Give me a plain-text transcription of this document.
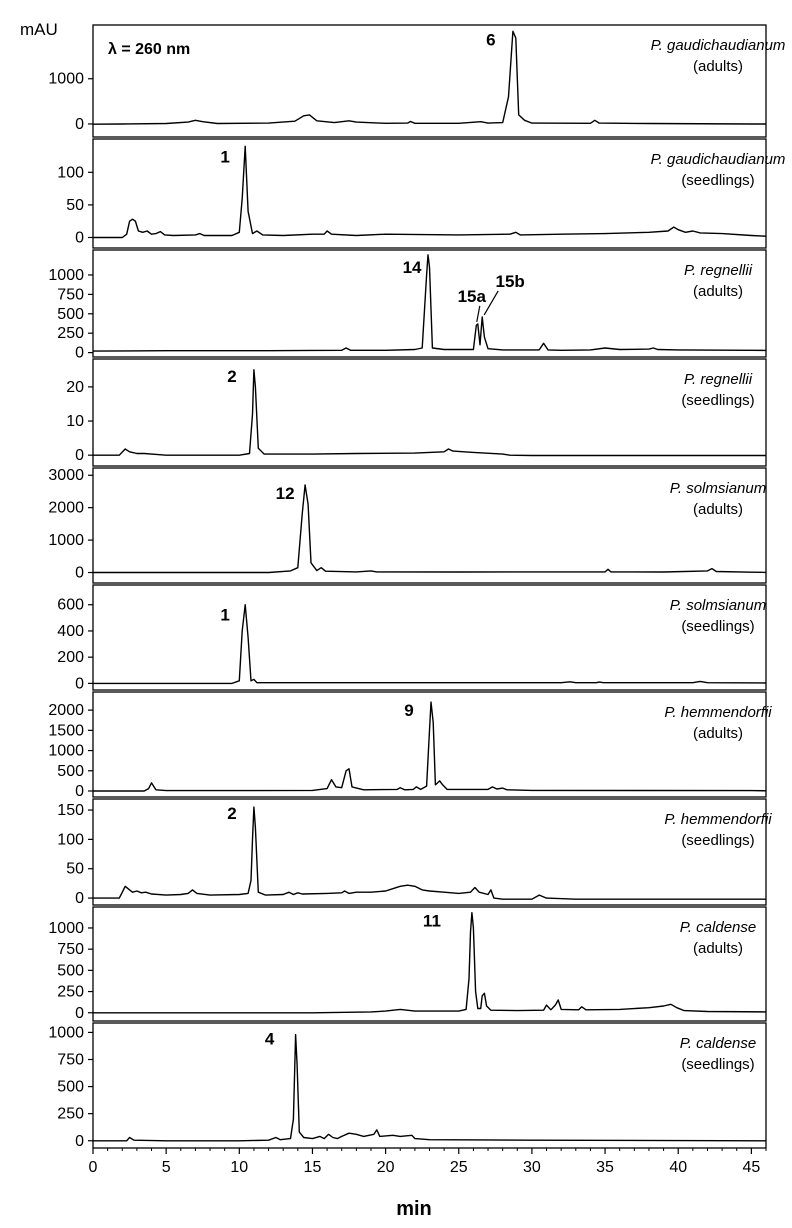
mAU
0
1000
P. gaudichaudianum
(adults)
6
λ = 260 nm
0
50
100
P. gaudichaudianum
(seedlings)
1
0
250
500
750
1000	P. regnellii
(adults)
14
15a
15b
0
10
20	P. regnellii
(seedlings)
2
0
1000
2000
3000
P. solmsianum
(adults)
12
0
200
400
600	P. solmsianum
(seedlings)
1
0
500
1000
1500
2000	P. hemmendorfii
(adults)
9
0
50
100
150
P. hemmendorfii
(seedlings)
2
0
250
500
750
1000	P. caldense
(adults)
11
0
250
500
750
1000
P. caldense
(seedlings)
4
0	5	10	15	20	25	30	35	40	45
min
